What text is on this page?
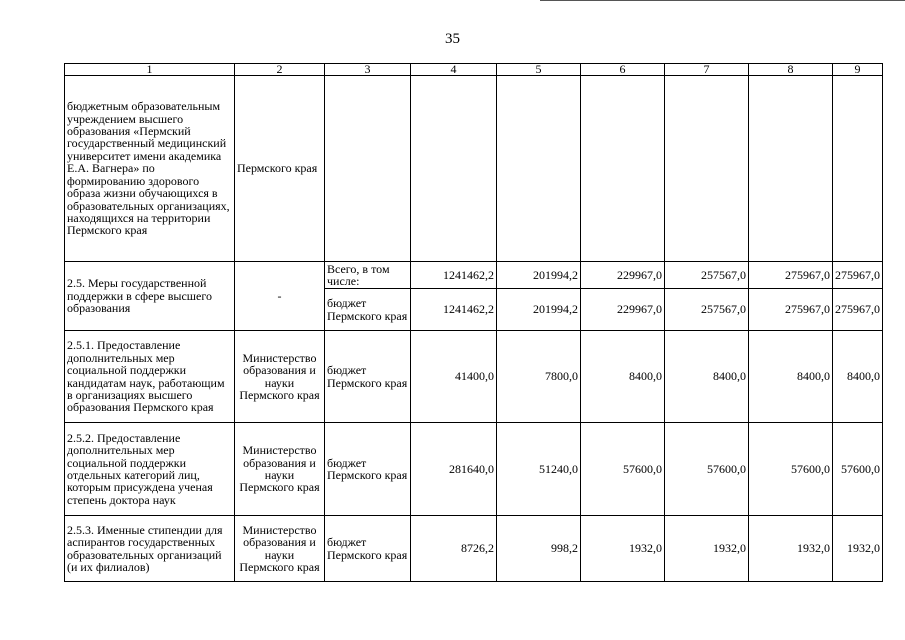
35
1	2	3	4	5	6	7	8	9
бюджетным образовательным учреждением высшего образования «Пермский государственный медицинский университет имени академика Е.А. Вагнера» по формированию здорового образа жизни обучающихся в образовательных организациях, находящихся на территории Пермского края	Пермского края							
2.5. Меры государственной поддержки в сфере высшего образования	-	Всего, в том числе:	1241462,2	201994,2	229967,0	257567,0	275967,0	275967,0
		бюджет Пермского края	1241462,2	201994,2	229967,0	257567,0	275967,0	275967,0
2.5.1. Предоставление дополнительных мер социальной поддержки кандидатам наук, работающим в организациях высшего образования Пермского края	Министерство образования и науки Пермского края	бюджет Пермского края	41400,0	7800,0	8400,0	8400,0	8400,0	8400,0
2.5.2. Предоставление дополнительных мер социальной поддержки отдельных категорий лиц, которым присуждена ученая степень доктора наук	Министерство образования и науки Пермского края	бюджет Пермского края	281640,0	51240,0	57600,0	57600,0	57600,0	57600,0
2.5.3. Именные стипендии для аспирантов государственных образовательных организаций (и их филиалов)	Министерство образования и науки Пермского края	бюджет Пермского края	8726,2	998,2	1932,0	1932,0	1932,0	1932,0
